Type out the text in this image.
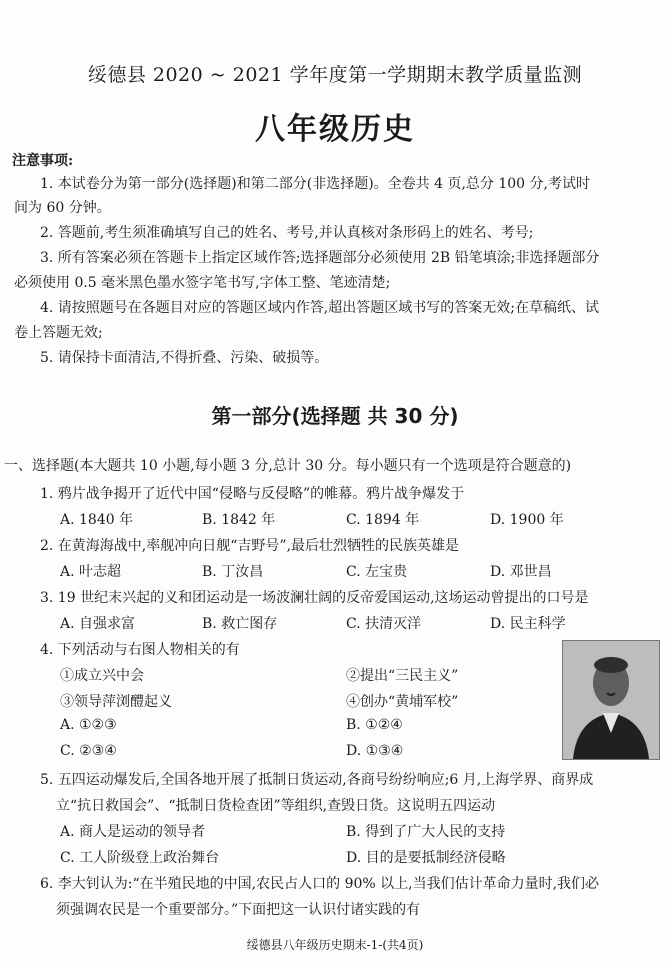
绥德县 2020 ~ 2021 学年度第一学期期末教学质量监测
八年级历史
注意事项:
1. 本试卷分为第一部分(选择题)和第二部分(非选择题)。全卷共 4 页,总分 100 分,考试时
间为 60 分钟。
2. 答题前,考生须准确填写自己的姓名、考号,并认真核对条形码上的姓名、考号;
3. 所有答案必须在答题卡上指定区域作答;选择题部分必须使用 2B 铅笔填涂;非选择题部分
必须使用 0.5 毫米黑色墨水签字笔书写,字体工整、笔迹清楚;
4. 请按照题号在各题目对应的答题区域内作答,超出答题区域书写的答案无效;在草稿纸、试
卷上答题无效;
5. 请保持卡面清洁,不得折叠、污染、破损等。
第一部分(选择题 共 30 分)
一、选择题(本大题共 10 小题,每小题 3 分,总计 30 分。每小题只有一个选项是符合题意的)
1. 鸦片战争揭开了近代中国“侵略与反侵略”的帷幕。鸦片战争爆发于
A. 1840 年	B. 1842 年	C. 1894 年	D. 1900 年
2. 在黄海海战中,率舰冲向日舰“吉野号”,最后壮烈牺牲的民族英雄是
A. 叶志超	B. 丁汝昌	C. 左宝贵	D. 邓世昌
3. 19 世纪末兴起的义和团运动是一场波澜壮阔的反帝爱国运动,这场运动曾提出的口号是
A. 自强求富	B. 救亡图存	C. 扶清灭洋	D. 民主科学
4. 下列活动与右图人物相关的有
①成立兴中会	②提出“三民主义”
③领导萍浏醴起义	④创办“黄埔军校”
A. ①②③	B. ①②④
C. ②③④	D. ①③④
5. 五四运动爆发后,全国各地开展了抵制日货运动,各商号纷纷响应;6 月,上海学界、商界成
立“抗日救国会”、“抵制日货检查团”等组织,查毁日货。这说明五四运动
A. 商人是运动的领导者	B. 得到了广大人民的支持
C. 工人阶级登上政治舞台	D. 目的是要抵制经济侵略
6. 李大钊认为:“在半殖民地的中国,农民占人口的 90% 以上,当我们估计革命力量时,我们必
须强调农民是一个重要部分。”下面把这一认识付诸实践的有
绥德县八年级历史期末-1-(共4页)
